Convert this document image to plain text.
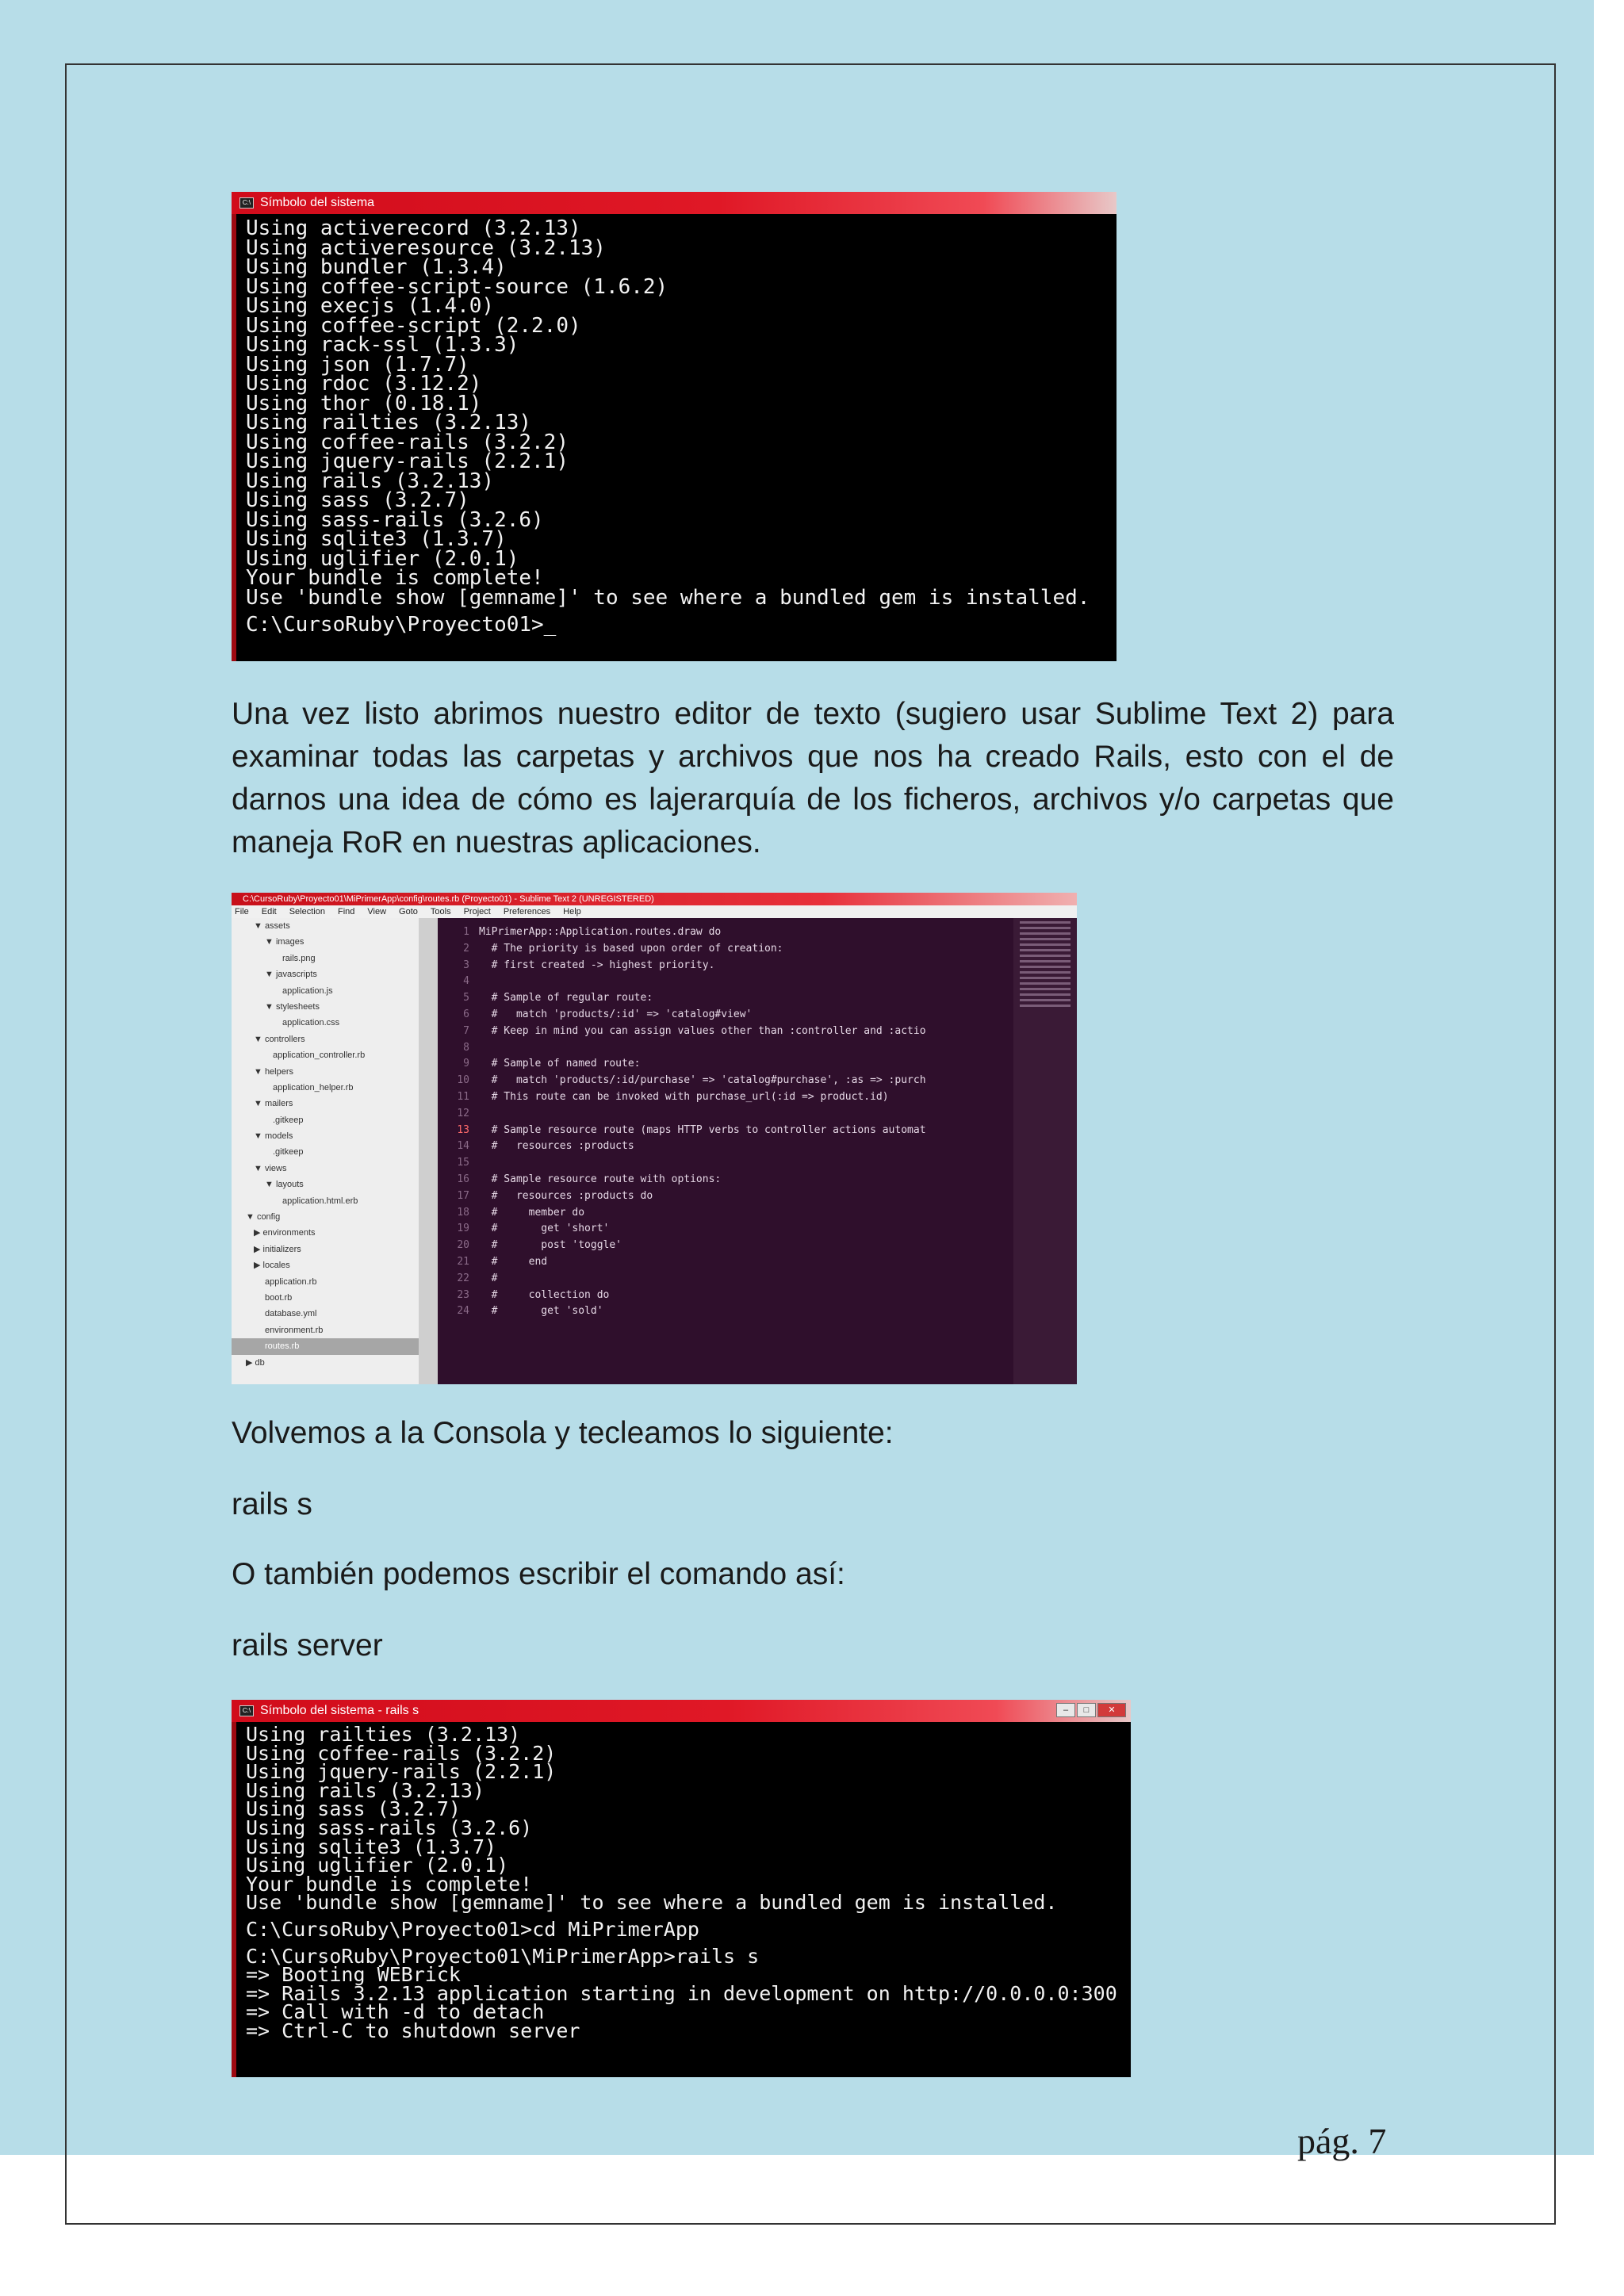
C:\ Símbolo del sistema
Using activerecord (3.2.13)
Using activeresource (3.2.13)
Using bundler (1.3.4)
Using coffee-script-source (1.6.2)
Using execjs (1.4.0)
Using coffee-script (2.2.0)
Using rack-ssl (1.3.3)
Using json (1.7.7)
Using rdoc (3.12.2)
Using thor (0.18.1)
Using railties (3.2.13)
Using coffee-rails (3.2.2)
Using jquery-rails (2.2.1)
Using rails (3.2.13)
Using sass (3.2.7)
Using sass-rails (3.2.6)
Using sqlite3 (1.3.7)
Using uglifier (2.0.1)
Your bundle is complete!
Use 'bundle show [gemname]' to see where a bundled gem is installed.
C:\CursoRuby\Proyecto01>_
Una vez listo abrimos nuestro editor de texto (sugiero usar Sublime Text 2) para examinar todas las carpetas y archivos que nos ha creado Rails, esto con el de darnos una idea de cómo es lajerarquía de los ficheros, archivos y/o carpetas que maneja RoR en nuestras aplicaciones.
C:\CursoRuby\Proyecto01\MiPrimerApp\config\routes.rb (Proyecto01) - Sublime Text 2 (UNREGISTERED)
File Edit Selection Find View Goto Tools Project Preferences Help
▼ assets
▼ images
rails.png
▼ javascripts
application.js
▼ stylesheets
application.css
▼ controllers
application_controller.rb
▼ helpers
application_helper.rb
▼ mailers
.gitkeep
▼ models
.gitkeep
▼ views
▼ layouts
application.html.erb
▼ config
▶ environments
▶ initializers
▶ locales
application.rb
boot.rb
database.yml
environment.rb
routes.rb
▶ db
1 MiPrimerApp::Application.routes.draw do
2 # The priority is based upon order of creation:
3 # first created -> highest priority.
4
5 # Sample of regular route:
6 #   match 'products/:id' => 'catalog#view'
7 # Keep in mind you can assign values other than :controller and :actio
8
9 # Sample of named route:
10 #   match 'products/:id/purchase' => 'catalog#purchase', :as => :purch
11 # This route can be invoked with purchase_url(:id => product.id)
12
13 # Sample resource route (maps HTTP verbs to controller actions automat
14 #   resources :products
15
16 # Sample resource route with options:
17 #   resources :products do
18 #     member do
19 #       get 'short'
20 #       post 'toggle'
21 #     end
22 #
23 #     collection do
24 #       get 'sold'
Volvemos a la Consola y tecleamos lo siguiente:
rails s
O también podemos escribir el comando así:
rails server
C:\ Símbolo del sistema - rails s	–	□	✕
Using railties (3.2.13)
Using coffee-rails (3.2.2)
Using jquery-rails (2.2.1)
Using rails (3.2.13)
Using sass (3.2.7)
Using sass-rails (3.2.6)
Using sqlite3 (1.3.7)
Using uglifier (2.0.1)
Your bundle is complete!
Use 'bundle show [gemname]' to see where a bundled gem is installed.
C:\CursoRuby\Proyecto01>cd MiPrimerApp
C:\CursoRuby\Proyecto01\MiPrimerApp>rails s
=> Booting WEBrick
=> Rails 3.2.13 application starting in development on http://0.0.0.0:300
=> Call with -d to detach
=> Ctrl-C to shutdown server
pág. 7
